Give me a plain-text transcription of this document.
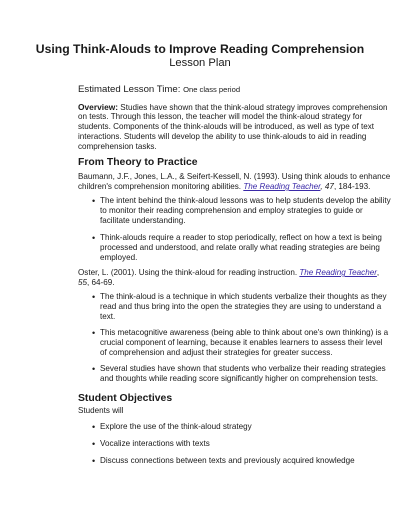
Using Think-Alouds to Improve Reading Comprehension
Lesson Plan
Estimated Lesson Time: One class period
Overview: Studies have shown that the think-aloud strategy improves comprehension
on tests. Through this lesson, the teacher will model the think-aloud strategy for
students. Components of the think-alouds will be introduced, as well as type of text
interactions. Students will develop the ability to use think-alouds to aid in reading
comprehension tasks.
From Theory to Practice
Baumann, J.F., Jones, L.A., & Seifert-Kessell, N. (1993). Using think alouds to enhance
children's comprehension monitoring abilities. The Reading Teacher, 47, 184-193.
• The intent behind the think-aloud lessons was to help students develop the ability
to monitor their reading comprehension and employ strategies to guide or
facilitate understanding.
• Think-alouds require a reader to stop periodically, reflect on how a text is being
processed and understood, and relate orally what reading strategies are being
employed.
Oster, L. (2001). Using the think-aloud for reading instruction. The Reading Teacher,
55, 64-69.
• The think-aloud is a technique in which students verbalize their thoughts as they
read and thus bring into the open the strategies they are using to understand a
text.
• This metacognitive awareness (being able to think about one's own thinking) is a
crucial component of learning, because it enables learners to assess their level
of comprehension and adjust their strategies for greater success.
• Several studies have shown that students who verbalize their reading strategies
and thoughts while reading score significantly higher on comprehension tests.
Student Objectives
Students will
• Explore the use of the think-aloud strategy
• Vocalize interactions with texts
• Discuss connections between texts and previously acquired knowledge
